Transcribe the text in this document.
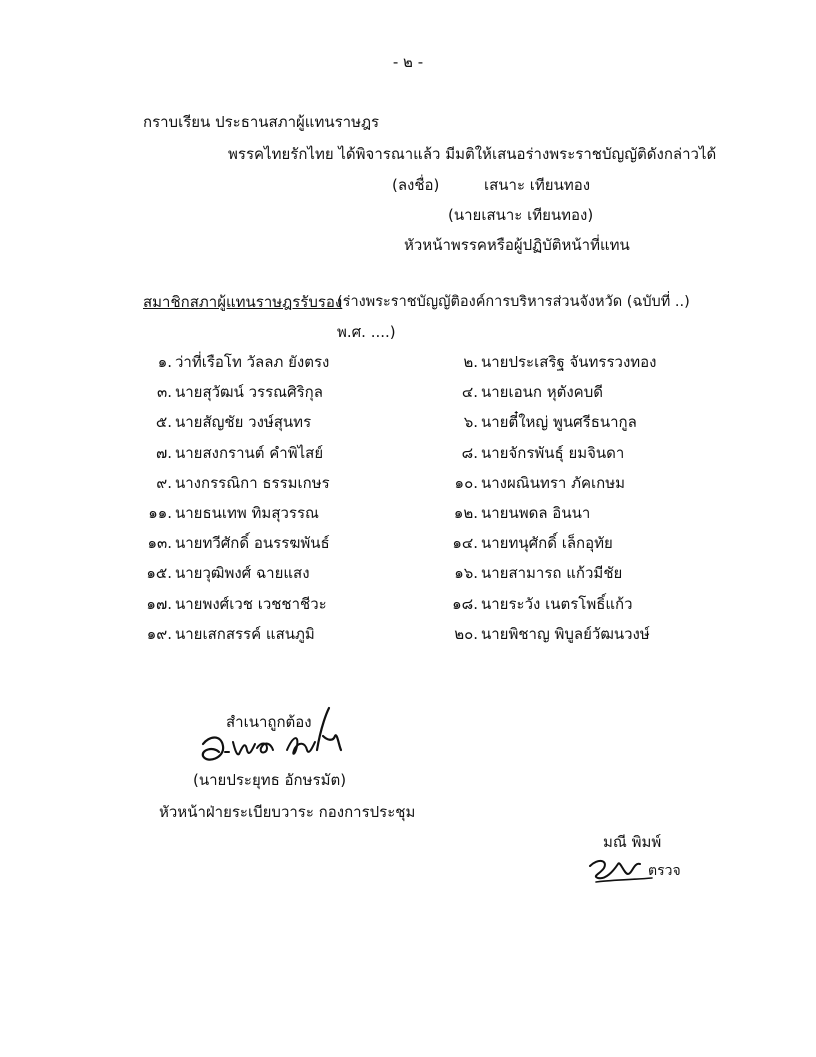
- ๒ -
กราบเรียน ประธานสภาผู้แทนราษฎร
พรรคไทยรักไทย ได้พิจารณาแล้ว มีมติให้เสนอร่างพระราชบัญญัติดังกล่าวได้
(ลงชื่อ)	เสนาะ เทียนทอง
(นายเสนาะ เทียนทอง)
หัวหน้าพรรคหรือผู้ปฏิบัติหน้าที่แทน
สมาชิกสภาผู้แทนราษฎรรับรอง
(ร่างพระราชบัญญัติองค์การบริหารส่วนจังหวัด (ฉบับที่ ..)
พ.ศ. ....)
๑. ว่าที่เรือโท วัลลภ ยังตรง	๒. นายประเสริฐ จันทรรวงทอง
๓. นายสุวัฒน์ วรรณศิริกุล	๔. นายเอนก หุตังคบดี
๕. นายสัญชัย วงษ์สุนทร	๖. นายตี๋ใหญ่ พูนศรีธนากูล
๗. นายสงกรานต์ คำพิไสย์	๘. นายจักรพันธุ์ ยมจินดา
๙. นางกรรณิกา ธรรมเกษร	๑๐. นางผณินทรา ภัคเกษม
๑๑. นายธนเทพ ทิมสุวรรณ	๑๒. นายนพดล อินนา
๑๓. นายทวีศักดิ์ อนรรฆพันธ์	๑๔. นายทนุศักดิ์ เล็กอุทัย
๑๕. นายวุฒิพงศ์ ฉายแสง	๑๖. นายสามารถ แก้วมีชัย
๑๗. นายพงศ์เวช เวชชาชีวะ	๑๘. นายระวัง เนตรโพธิ์แก้ว
๑๙. นายเสกสรรค์ แสนภูมิ	๒๐. นายพิชาญ พิบูลย์วัฒนวงษ์
สำเนาถูกต้อง
(นายประยุทธ อักษรมัต)
หัวหน้าฝ่ายระเบียบวาระ กองการประชุม
มณี พิมพ์
ตรวจ
